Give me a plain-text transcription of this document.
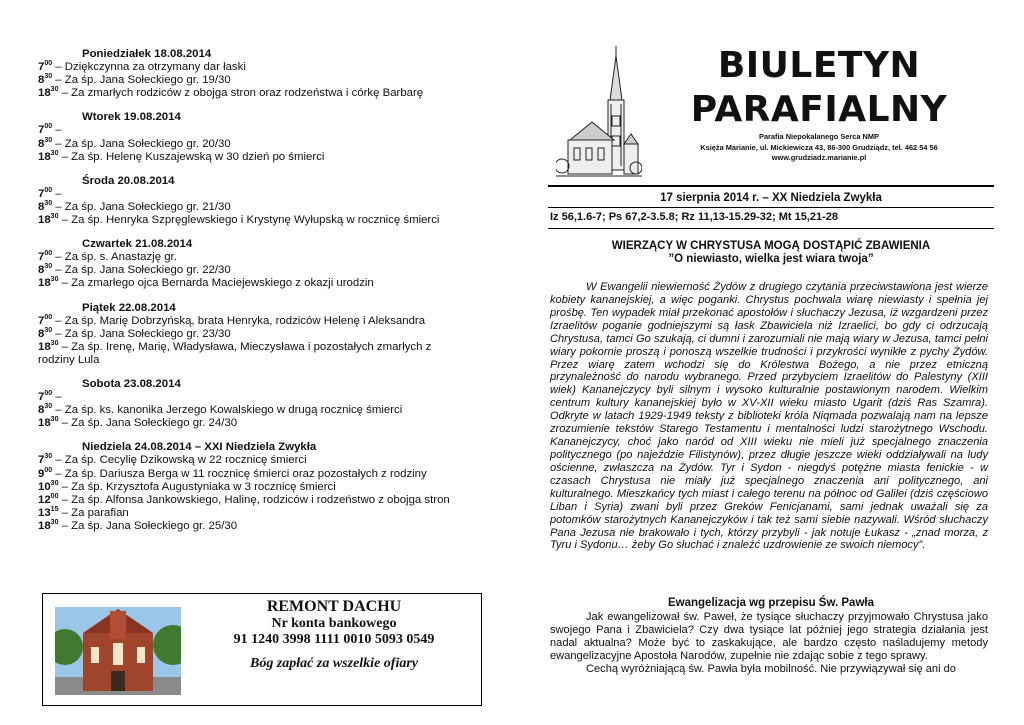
Poniedziałek 18.08.2014
$7^{00}$ – Dziękczynna za otrzymany dar łaski
$8^{30}$ – Za śp. Jana Sołeckiego gr. 19/30
$18^{30}$ – Za zmarłych rodziców z obojga stron oraz rodzeństwa i córkę Barbarę
Wtorek 19.08.2014
$7^{00}$ –
$8^{30}$ – Za śp. Jana Sołeckiego gr. 20/30
$18^{30}$ – Za śp. Helenę Kuszajewską w 30 dzień po śmierci
Środa 20.08.2014
$7^{00}$ –
$8^{30}$ – Za śp. Jana Sołeckiego gr. 21/30
$18^{30}$ – Za śp. Henryka Szpręglewskiego i Krystynę Wyłupską w rocznicę śmierci
Czwartek 21.08.2014
$7^{00}$ – Za śp. s. Anastazję gr.
$8^{30}$ – Za śp. Jana Sołeckiego gr. 22/30
$18^{30}$ – Za zmarłego ojca Bernarda Maciejewskiego z okazji urodzin
Piątek 22.08.2014
$7^{00}$ – Za śp. Marię Dobrzyńską, brata Henryka, rodziców Helenę i Aleksandra
$8^{30}$ – Za śp. Jana Sołeckiego gr. 23/30
$18^{30}$ – Za śp. Irenę, Marię, Władysława, Mieczysława i pozostałych zmarłych z rodziny Lula
Sobota 23.08.2014
$7^{00}$ –
$8^{30}$ – Za śp. ks. kanonika Jerzego Kowalskiego w drugą rocznicę śmierci
$18^{30}$ – Za śp. Jana Sołeckiego gr. 24/30
Niedziela 24.08.2014 – XXI Niedziela Zwykła
$7^{30}$ – Za śp. Cecylię Dzikowską w 22 rocznicę śmierci
$9^{00}$ – Za śp. Dariusza Berga w 11 rocznicę śmierci oraz pozostałych z rodziny
$10^{30}$ – Za śp. Krzysztofa Augustyniaka w 3 rocznicę śmierci
$12^{00}$ – Za śp. Alfonsa Jankowskiego, Halinę, rodziców i rodzeństwo z obojga stron
$13^{15}$ – Za parafian
$18^{30}$ – Za śp. Jana Sołeckiego gr. 25/30
REMONT DACHU
Nr konta bankowego
91 1240 3998 1111 0010 5093 0549
Bóg zapłać za wszelkie ofiary
BIULETYN
PARAFIALNY
Parafia Niepokalanego Serca NMP
Księża Marianie, ul. Mickiewicza 43, 86-300 Grudziądz, tel. 462 54 56
www.grudziadz.marianie.pl
17 sierpnia 2014 r. – XX Niedziela Zwykła
Iz 56,1.6-7; Ps 67,2-3.5.8; Rz 11,13-15.29-32; Mt 15,21-28
WIERZĄCY W CHRYSTUSA MOGĄ DOSTĄPIĆ ZBAWIENIA
”O niewiasto, wielka jest wiara twoja”
W Ewangelii niewierność Żydów z drugiego czytania przeciwstawiona jest wierze kobiety kananejskiej, a więc poganki. Chrystus pochwala wiarę niewiasty i spełnia jej prośbę. Ten wypadek miał przekonać apostołów i słuchaczy Jezusa, iż wzgardzeni przez Izraelitów poganie godniejszymi są łask Zbawiciela niż Izraelici, bo gdy ci odrzucają Chrystusa, tamci Go szukają, ci dumni i zarozumiali nie mają wiary w Jezusa, tamci pełni wiary pokornie proszą i ponoszą wszelkie trudności i przykrości wynikłe z pychy Żydów. Przez wiarę zatem wchodzi się do Królestwa Bożego, a nie przez etniczną przynależność do narodu wybranego. Przed przybyciem Izraelitów do Palestyny (XIII wiek) Kananejczycy byli silnym i wysoko kulturalnie postawionym narodem. Wielkim centrum kultury kananejskiej było w XV-XII wieku miasto Ugarit (dziś Ras Szamra). Odkryte w latach 1929-1949 teksty z biblioteki króla Niqmada pozwalają nam na lepsze zrozumienie tekstów Starego Testamentu i mentalności ludzi starożytnego Wschodu. Kananejczycy, choć jako naród od XIII wieku nie mieli już specjalnego znaczenia politycznego (po najeździe Filistynów), przez długie jeszcze wieki oddziaływali na ludy ościenne, zwłaszcza na Żydów. Tyr i Sydon - niegdyś potężne miasta fenickie - w czasach Chrystusa nie miały już specjalnego znaczenia ani politycznego, ani kulturalnego. Mieszkańcy tych miast i całego terenu na północ od Galilei (dziś częściowo Liban i Syria) zwani byli przez Greków Fenicjanami, sami jednak uważali się za potomków starożytnych Kananejczyków i tak też sami siebie nazywali. Wśród słuchaczy Pana Jezusa nie brakowało i tych, którzy przybyli - jak notuje Łukasz - „znad morza, z Tyru i Sydonu… żeby Go słuchać i znaleźć uzdrowienie ze swoich niemocy”.
Ewangelizacja wg przepisu Św. Pawła

Jak ewangelizował św. Paweł, że tysiące słuchaczy przyjmowało Chrystusa jako swojego Pana i Zbawiciela? Czy dwa tysiące lat później jego strategia działania jest nadal aktualna? Może być to zaskakujące, ale bardzo często naśladujemy metody ewangelizacyjne Apostoła Narodów, zupełnie nie zdając sobie z tego sprawy.

Cechą wyróżniającą św. Pawła była mobilność. Nie przywiązywał się ani do
